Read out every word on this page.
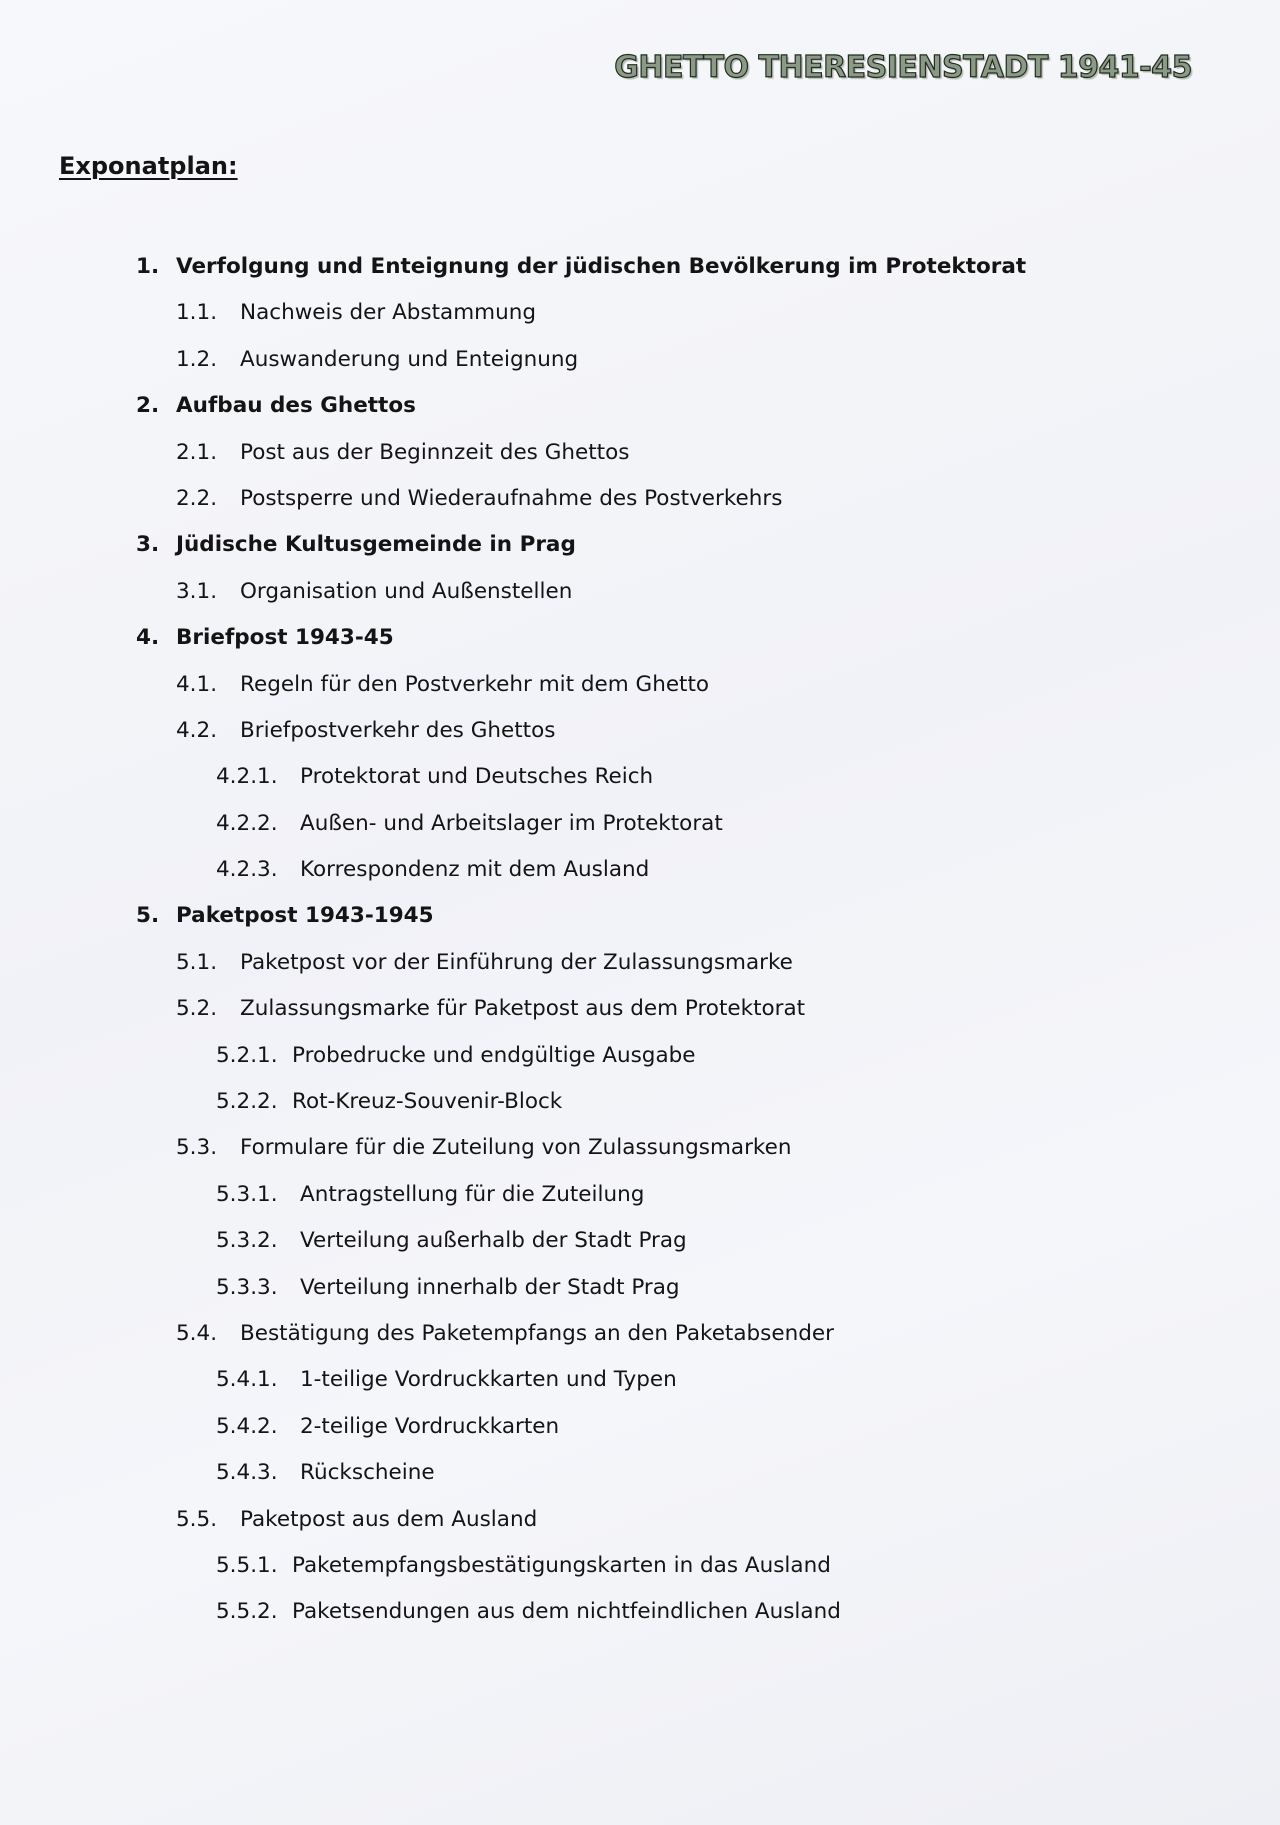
GHETTO THERESIENSTADT 1941-45
Exponatplan:
1. Verfolgung und Enteignung der jüdischen Bevölkerung im Protektorat
1.1. Nachweis der Abstammung
1.2. Auswanderung und Enteignung
2. Aufbau des Ghettos
2.1. Post aus der Beginnzeit des Ghettos
2.2. Postsperre und Wiederaufnahme des Postverkehrs
3. Jüdische Kultusgemeinde in Prag
3.1. Organisation und Außenstellen
4. Briefpost 1943-45
4.1. Regeln für den Postverkehr mit dem Ghetto
4.2. Briefpostverkehr des Ghettos
4.2.1. Protektorat und Deutsches Reich
4.2.2. Außen- und Arbeitslager im Protektorat
4.2.3. Korrespondenz mit dem Ausland
5. Paketpost 1943-1945
5.1. Paketpost vor der Einführung der Zulassungsmarke
5.2. Zulassungsmarke für Paketpost aus dem Protektorat
5.2.1. Probedrucke und endgültige Ausgabe
5.2.2. Rot-Kreuz-Souvenir-Block
5.3. Formulare für die Zuteilung von Zulassungsmarken
5.3.1. Antragstellung für die Zuteilung
5.3.2. Verteilung außerhalb der Stadt Prag
5.3.3. Verteilung innerhalb der Stadt Prag
5.4. Bestätigung des Paketempfangs an den Paketabsender
5.4.1. 1-teilige Vordruckkarten und Typen
5.4.2. 2-teilige Vordruckkarten
5.4.3. Rückscheine
5.5. Paketpost aus dem Ausland
5.5.1. Paketempfangsbestätigungskarten in das Ausland
5.5.2. Paketsendungen aus dem nichtfeindlichen Ausland
